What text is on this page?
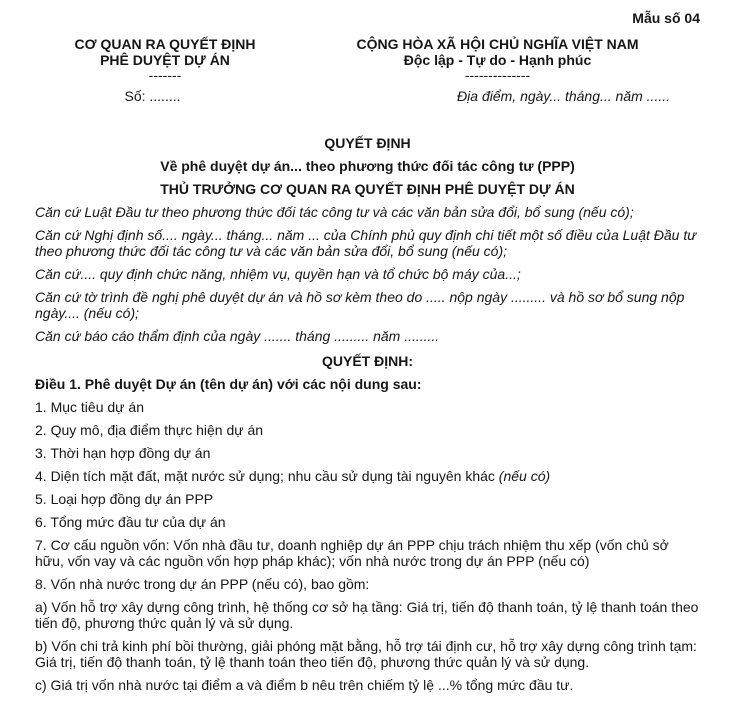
Mẫu số 04
CƠ QUAN RA QUYẾT ĐỊNH
PHÊ DUYỆT DỰ ÁN
-------
Số: ........
CỘNG HÒA XÃ HỘI CHỦ NGHĨA VIỆT NAM
Độc lập - Tự do - Hạnh phúc
--------------
Địa điểm, ngày... tháng... năm ......

QUYẾT ĐỊNH

Về phê duyệt dự án... theo phương thức đối tác công tư (PPP)

THỦ TRƯỞNG CƠ QUAN RA QUYẾT ĐỊNH PHÊ DUYỆT DỰ ÁN

Căn cứ Luật Đầu tư theo phương thức đối tác công tư và các văn bản sửa đổi, bổ sung (nếu có);

Căn cứ Nghị định số.... ngày... tháng... năm ... của Chính phủ quy định chi tiết một số điều của Luật Đầu tư theo phương thức đối tác công tư và các văn bản sửa đổi, bổ sung (nếu có);

Căn cứ.... quy định chức năng, nhiệm vụ, quyền hạn và tổ chức bộ máy của...;

Căn cứ tờ trình đề nghị phê duyệt dự án và hồ sơ kèm theo do ..... nộp ngày ......... và hồ sơ bổ sung nộp ngày.... (nếu có);

Căn cứ báo cáo thẩm định của ngày ....... tháng ......... năm .........

QUYẾT ĐỊNH:

Điều 1. Phê duyệt Dự án (tên dự án) với các nội dung sau:

1. Mục tiêu dự án

2. Quy mô, địa điểm thực hiện dự án

3. Thời hạn hợp đồng dự án

4. Diện tích mặt đất, mặt nước sử dụng; nhu cầu sử dụng tài nguyên khác (nếu có)

5. Loại hợp đồng dự án PPP

6. Tổng mức đầu tư của dự án

7. Cơ cấu nguồn vốn: Vốn nhà đầu tư, doanh nghiệp dự án PPP chịu trách nhiệm thu xếp (vốn chủ sở hữu, vốn vay và các nguồn vốn hợp pháp khác); vốn nhà nước trong dự án PPP (nếu có)

8. Vốn nhà nước trong dự án PPP (nếu có), bao gồm:

a) Vốn hỗ trợ xây dựng công trình, hệ thống cơ sở hạ tầng: Giá trị, tiến độ thanh toán, tỷ lệ thanh toán theo tiến độ, phương thức quản lý và sử dụng.

b) Vốn chi trả kinh phí bồi thường, giải phóng mặt bằng, hỗ trợ tái định cư, hỗ trợ xây dựng công trình tạm: Giá trị, tiến độ thanh toán, tỷ lệ thanh toán theo tiến độ, phương thức quản lý và sử dụng.

c) Giá trị vốn nhà nước tại điểm a và điểm b nêu trên chiếm tỷ lệ ...% tổng mức đầu tư.
